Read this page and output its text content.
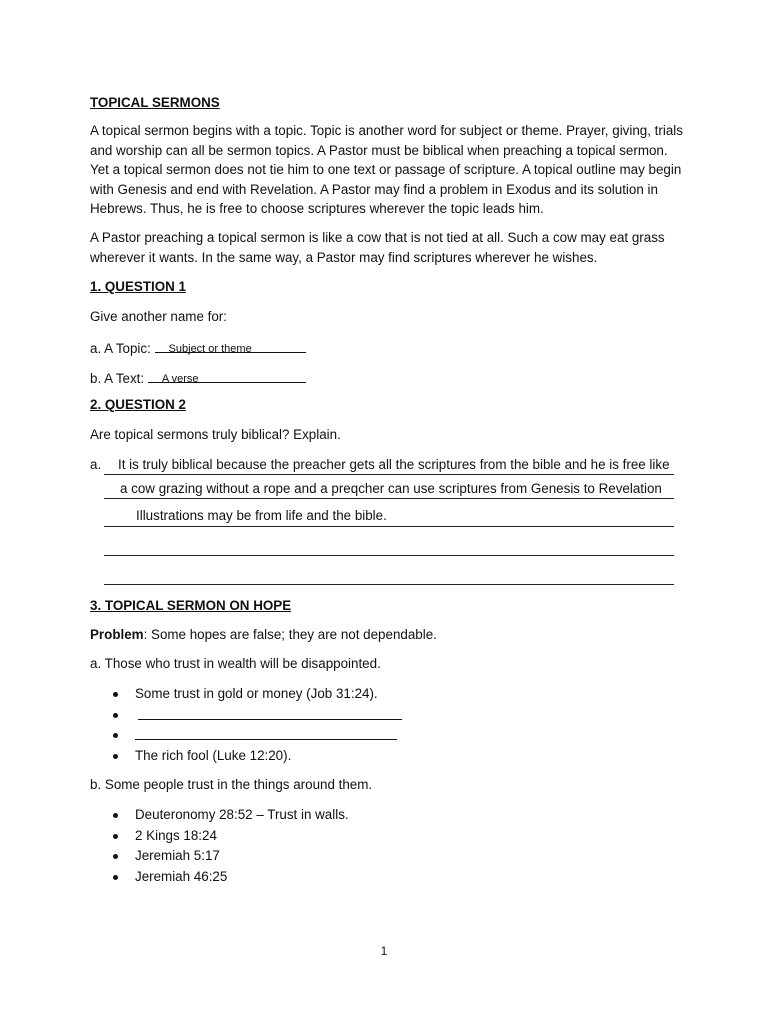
TOPICAL SERMONS

A topical sermon begins with a topic. Topic is another word for subject or theme. Prayer, giving, trials and worship can all be sermon topics. A Pastor must be biblical when preaching a topical sermon. Yet a topical sermon does not tie him to one text or passage of scripture. A topical outline may begin with Genesis and end with Revelation. A Pastor may find a problem in Exodus and its solution in Hebrews. Thus, he is free to choose scriptures wherever the topic leads him.

A Pastor preaching a topical sermon is like a cow that is not tied at all. Such a cow may eat grass wherever it wants. In the same way, a Pastor may find scriptures wherever he wishes.

1. QUESTION 1
Give another name for:
a. A Topic: Subject or theme
b. A Text: A verse
2. QUESTION 2
Are topical sermons truly biblical? Explain.
a. It is truly biblical because the preacher gets all the scriptures from the bible and he is free like
a cow grazing without a rope and a preqcher can use scriptures from Genesis to Revelation
Illustrations may be from life and the bible.
3. TOPICAL SERMON ON HOPE
Problem: Some hopes are false; they are not dependable.
a. Those who trust in wealth will be disappointed.
Some trust in gold or money (Job 31:24).
The rich fool (Luke 12:20).
b. Some people trust in the things around them.
Deuteronomy 28:52 – Trust in walls.
2 Kings 18:24
Jeremiah 5:17
Jeremiah 46:25
1
